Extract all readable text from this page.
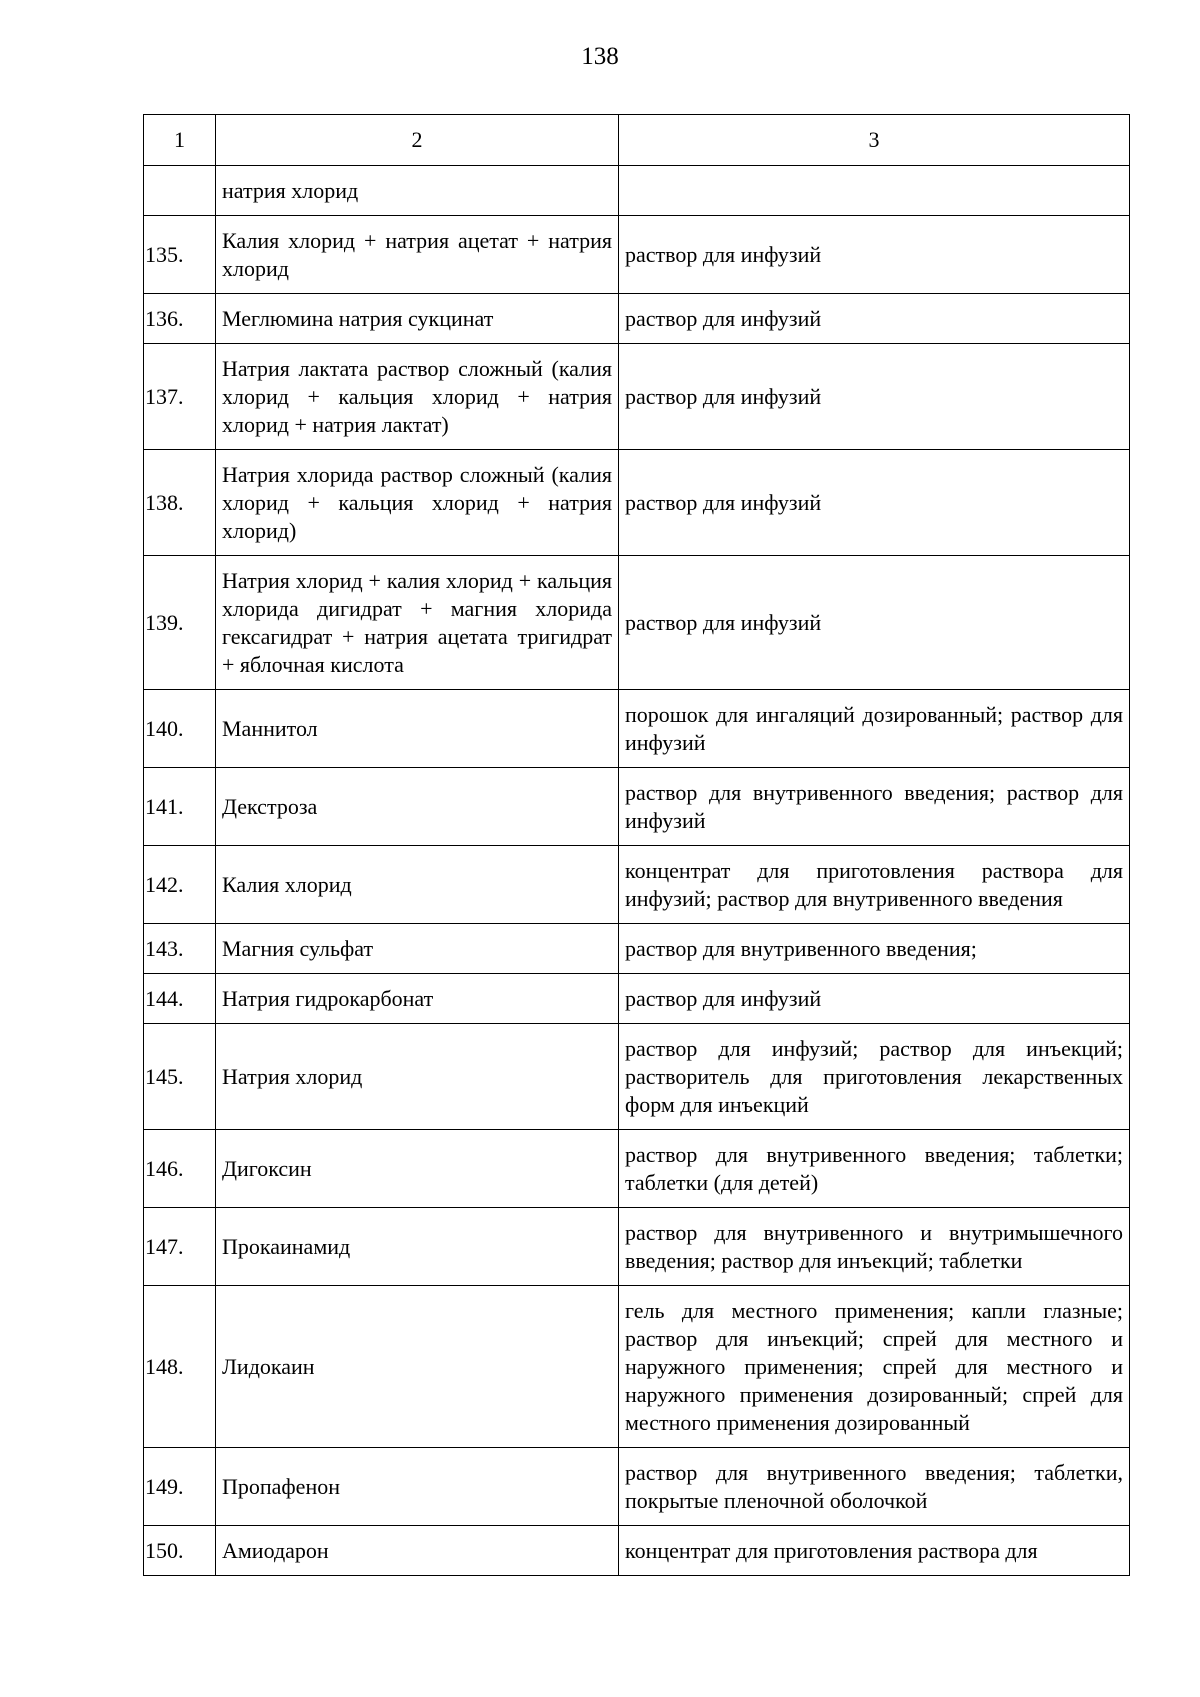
138
1	2	3
	натрия хлорид	
135.	Калия хлорид + натрия ацетат + натрия хлорид	раствор для инфузий
136.	Меглюмина натрия сукцинат	раствор для инфузий
137.	Натрия лактата раствор сложный (калия хлорид + кальция хлорид + натрия хлорид + натрия лактат)	раствор для инфузий
138.	Натрия хлорида раствор сложный (калия хлорид + кальция хлорид + натрия хлорид)	раствор для инфузий
139.	Натрия хлорид + калия хлорид + кальция хлорида дигидрат + магния хлорида гексагидрат + натрия ацетата тригидрат + яблочная кислота	раствор для инфузий
140.	Маннитол	порошок для ингаляций дозированный; раствор для инфузий
141.	Декстроза	раствор для внутривенного введения; раствор для инфузий
142.	Калия хлорид	концентрат для приготовления раствора для инфузий; раствор для внутривенного введения
143.	Магния сульфат	раствор для внутривенного введения;
144.	Натрия гидрокарбонат	раствор для инфузий
145.	Натрия хлорид	раствор для инфузий; раствор для инъекций; растворитель для приготовления лекарственных форм для инъекций
146.	Дигоксин	раствор для внутривенного введения; таблетки; таблетки (для детей)
147.	Прокаинамид	раствор для внутривенного и внутримышечного введения; раствор для инъекций; таблетки
148.	Лидокаин	гель для местного применения; капли глазные; раствор для инъекций; спрей для местного и наружного применения; спрей для местного и наружного применения дозированный; спрей для местного применения дозированный
149.	Пропафенон	раствор для внутривенного введения; таблетки, покрытые пленочной оболочкой
150.	Амиодарон	концентрат для приготовления раствора для
